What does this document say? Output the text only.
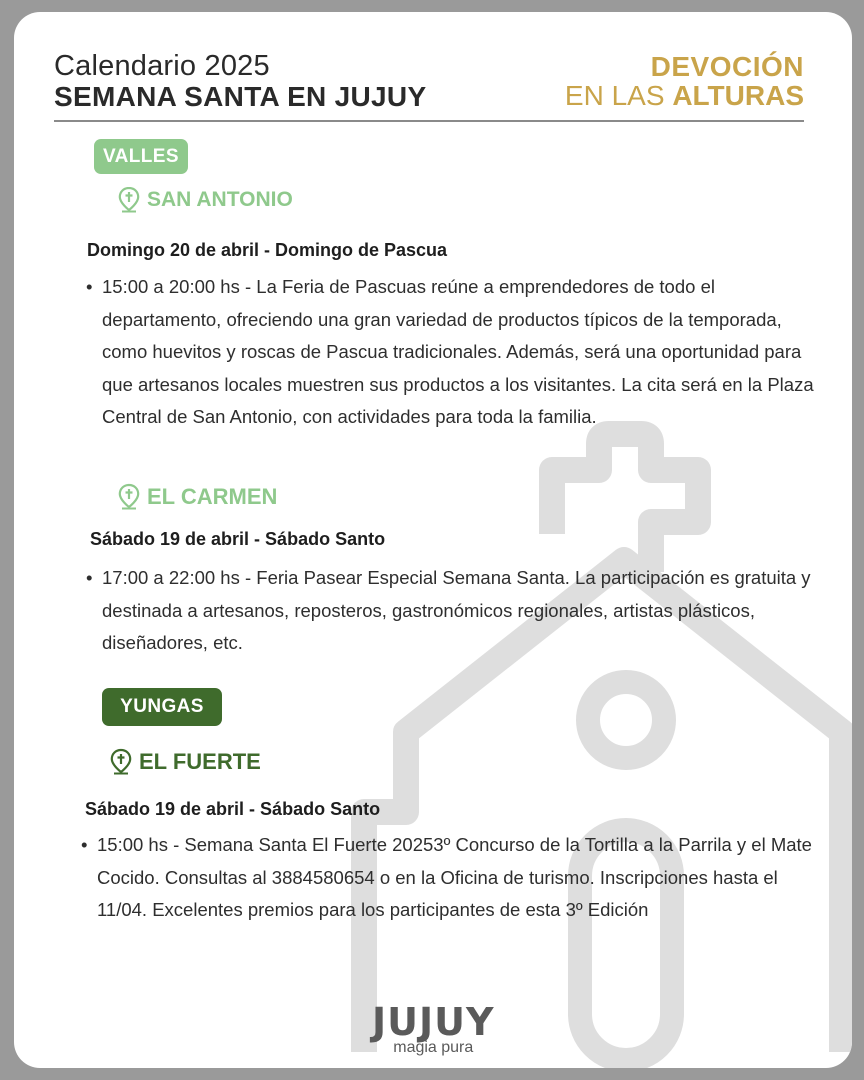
Calendario 2025
SEMANA SANTA EN JUJUY
DEVOCIÓN
EN LAS ALTURAS
VALLES
SAN ANTONIO
Domingo 20 de abril - Domingo de Pascua
• 15:00 a 20:00 hs - La Feria de Pascuas reúne a emprendedores de todo el departamento, ofreciendo una gran variedad de productos típicos de la temporada, como huevitos y roscas de Pascua tradicionales. Además, será una oportunidad para que artesanos locales muestren sus productos a los visitantes. La cita será en la Plaza Central de San Antonio, con actividades para toda la familia.
EL CARMEN
Sábado 19 de abril - Sábado Santo
• 17:00 a 22:00 hs - Feria Pasear Especial Semana Santa. La participación es gratuita y destinada a artesanos, reposteros, gastronómicos regionales, artistas plásticos, diseñadores, etc.
YUNGAS
EL FUERTE
Sábado 19 de abril - Sábado Santo
• 15:00 hs - Semana Santa El Fuerte 20253º Concurso de la Tortilla a la Parrila y el Mate Cocido. Consultas al 3884580654 o en la Oficina de turismo. Inscripciones hasta el 11/04. Excelentes premios para los participantes de esta 3º Edición
JUJUY
magia pura
